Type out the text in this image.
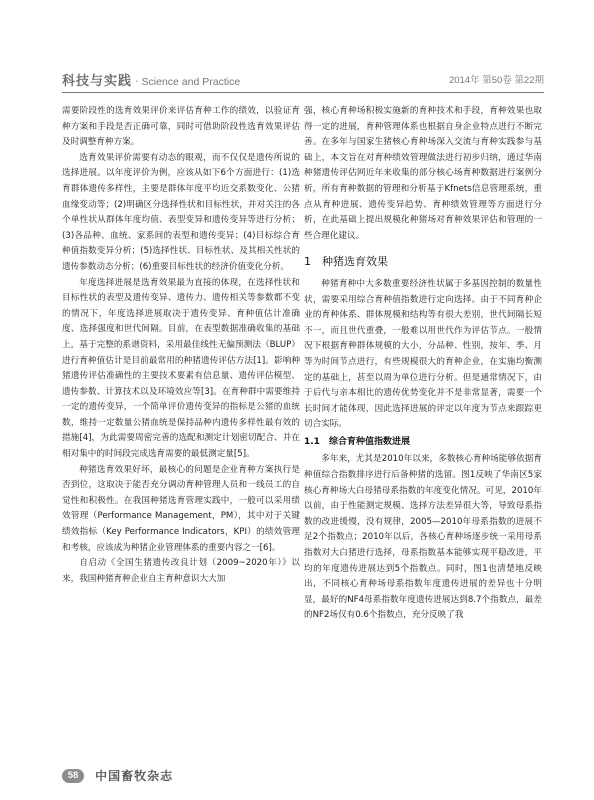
科技与实践 · Science and Practice	2014年 第50卷 第22期

需要阶段性的选育效果评价来评估育种工作的绩效，以验证育种方案和手段是否正确可靠，同时可借助阶段性选育效果评估及时调整育种方案。

选育效果评价需要有动态的眼观，而不仅仅是遗传所说的选择进展。以年度评价为例，应该从如下6个方面进行：(1)选育群体遗传多样性，主要是群体年度平均近交系数变化、公猪血缘变动等；(2)明确区分选择性状和目标性状，并对关注的各个单性状从群体年度均值、表型变异和遗传变异等进行分析；(3)各品种、血统、家系间的表型和遗传变异；(4)目标综合育种值指数变异分析；(5)选择性状、目标性状、及其相关性状的遗传参数动态分析；(6)重要目标性状的经济价值变化分析。

年度选择进展是选育效果最为直接的体现，在选择性状和目标性状的表型及遗传变异、遗传力、遗传相关等参数都不变的情况下，年度选择进展取决于遗传变异、育种值估计准确度、选择强度和世代间隔。目前，在表型数据准确收集的基础上，基于完整的系谱资料，采用最佳线性无偏预测法（BLUP）进行育种值估计是目前最常用的种猪遗传评估方法[1]。影响种猪遗传评估准确性的主要技术要素有信息量、遗传评估模型、遗传参数、计算技术以及环境效应等[3]。在育种群中需要维持一定的遗传变异，一个简单评价遗传变异的指标是公猪的血统数，维持一定数量公猪血统是保持品种内遗传多样性最有效的措施[4]，为此需要周密完善的选配和测定计划密切配合、并在相对集中的时间段完成选育需要的最低测定量[5]。

种猪选育效果好坏，最核心的问题是企业育种方案执行是否到位，这取决于能否充分调动育种管理人员和一线员工的自觉性和积极性。在我国种猪选育管理实践中，一般可以采用绩效管理（Performance Management，PM），其中对于关键绩效指标（Key Performance Indicators，KPI）的绩效管理和考核，应该成为种猪企业管理体系的重要内容之一[6]。

自启动《全国生猪遗传改良计划（2009~2020年）》以来，我国种猪育种企业自主育种意识大大加

强，核心育种场积极实施新的育种技术和手段，育种效果也取得一定的进展，育种管理体系也根据自身企业特点进行不断完善。在多年与国家生猪核心育种场深入交流与育种实践参与基础上，本文旨在对育种绩效管理做法进行初步归纳，通过华南种猪遗传评估网近年来收集的部分核心场育种数据进行案例分析，所有育种数据的管理和分析基于Kfnets信息管理系统，重点从育种进展、遗传变异趋势、育种绩效管理等方面进行分析，在此基础上提出规模化种猪场对育种效果评估和管理的一些合理化建议。

1　种猪选育效果

种猪育种中大多数重要经济性状属于多基因控制的数量性状，需要采用综合育种值指数进行定向选择。由于不同育种企业的育种体系、群体规模和结构等有很大差别，世代间隔长短不一，而且世代重叠，一般难以用世代作为评估节点。一般情况下根据育种群体规模的大小，分品种、性别，按年、季、月等为时间节点进行，有些规模很大的育种企业，在实施均衡测定的基础上，甚至以周为单位进行分析。但是通常情况下，由于后代与亲本相比的遗传优势变化并不是非常显著，需要一个长时间才能体现，因此选择进展的评定以年度为节点来跟踪更切合实际。

1.1　综合育种值指数进展

多年来，尤其是2010年以来，多数核心育种场能够依据育种值综合指数排序进行后备种猪的选留。图1反映了华南区5家核心育种场大白母猪母系指数的年度变化情况。可见，2010年以前，由于性能测定规模、选择方法差异很大等，导致母系指数的改进缓慢，没有规律，2005—2010年母系指数的进展不足2个指数点；2010年以后，各核心育种场逐步统一采用母系指数对大白猪进行选择，母系指数基本能够实现平稳改进，平均的年度遗传进展达到5个指数点。同时，图1也清楚地反映出，不同核心育种场母系指数年度遗传进展的差异也十分明显，最好的NF4母系指数年度遗传进展达到8.7个指数点，最差的NF2场仅有0.6个指数点，充分反映了我

58 中国畜牧杂志
